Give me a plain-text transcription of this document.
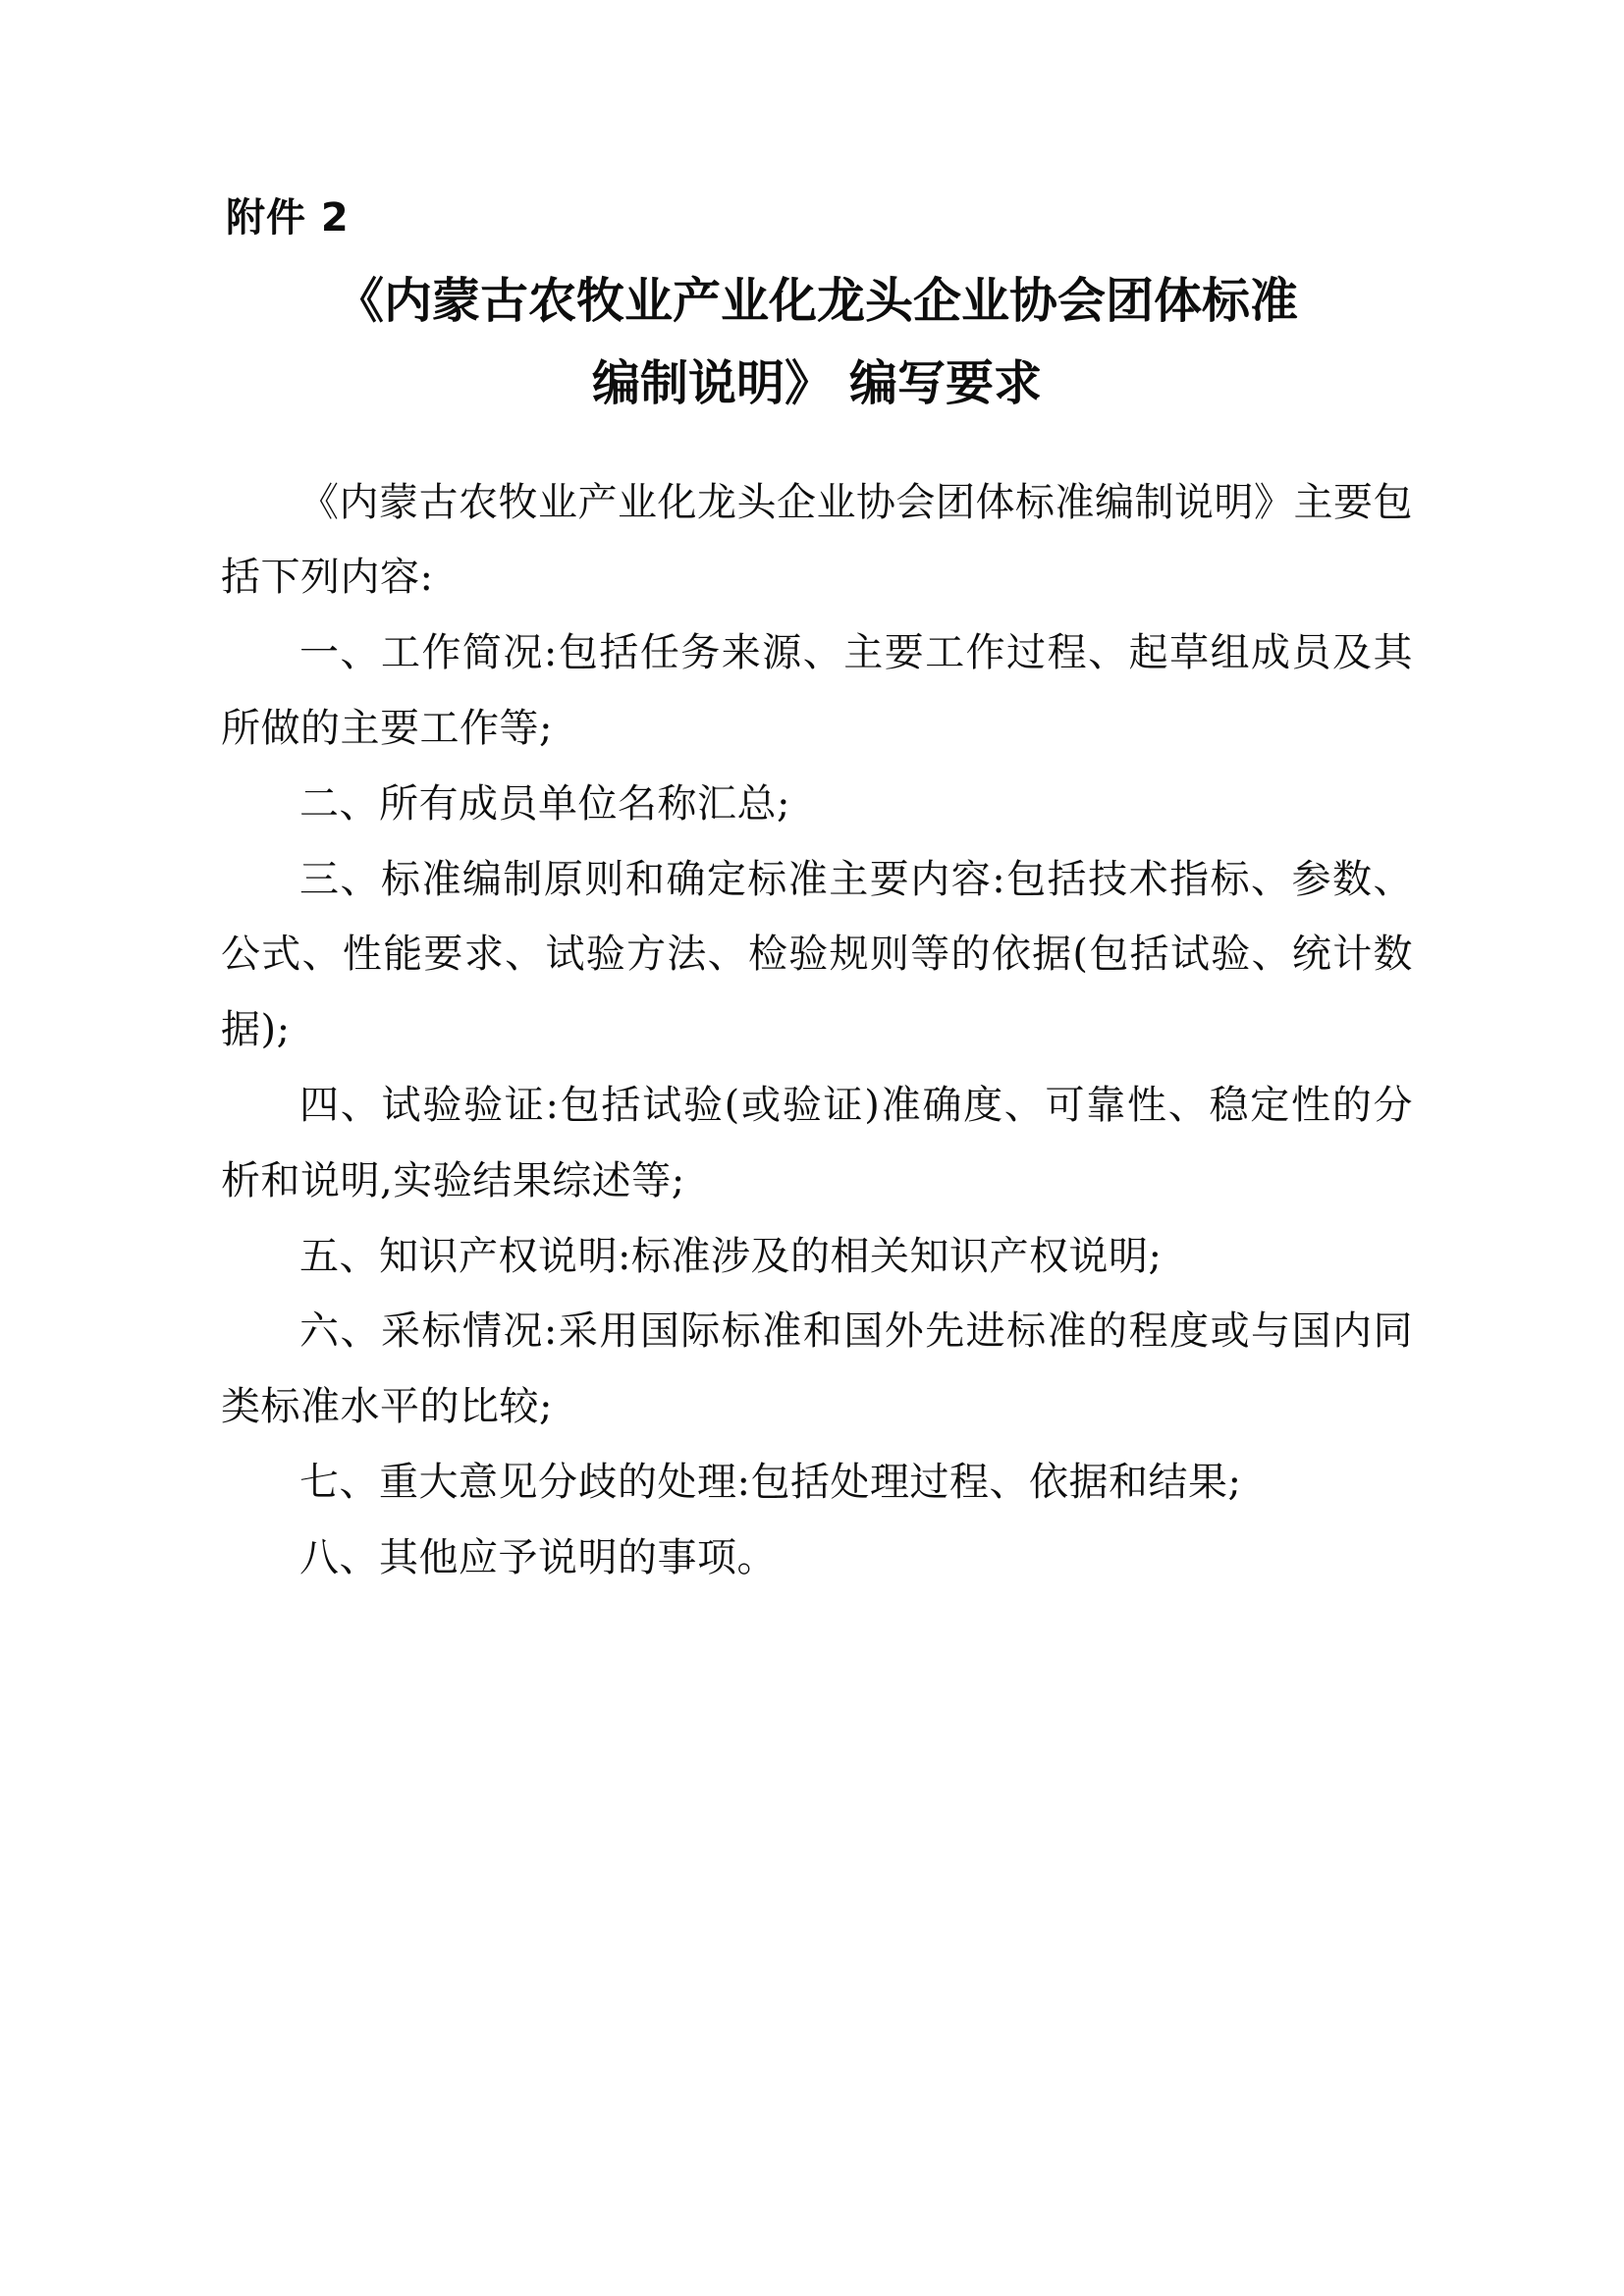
附件 2
《内蒙古农牧业产业化龙头企业协会团体标准
编制说明》 编写要求

《内蒙古农牧业产业化龙头企业协会团体标准编制说明》主要包括下列内容:

一、工作简况:包括任务来源、主要工作过程、起草组成员及其所做的主要工作等;

二、所有成员单位名称汇总;

三、标准编制原则和确定标准主要内容:包括技术指标、参数、公式、性能要求、试验方法、检验规则等的依据(包括试验、统计数据);

四、试验验证:包括试验(或验证)准确度、可靠性、稳定性的分析和说明,实验结果综述等;

五、知识产权说明:标准涉及的相关知识产权说明;

六、采标情况:采用国际标准和国外先进标准的程度或与国内同类标准水平的比较;

七、重大意见分歧的处理:包括处理过程、依据和结果;

八、其他应予说明的事项。
